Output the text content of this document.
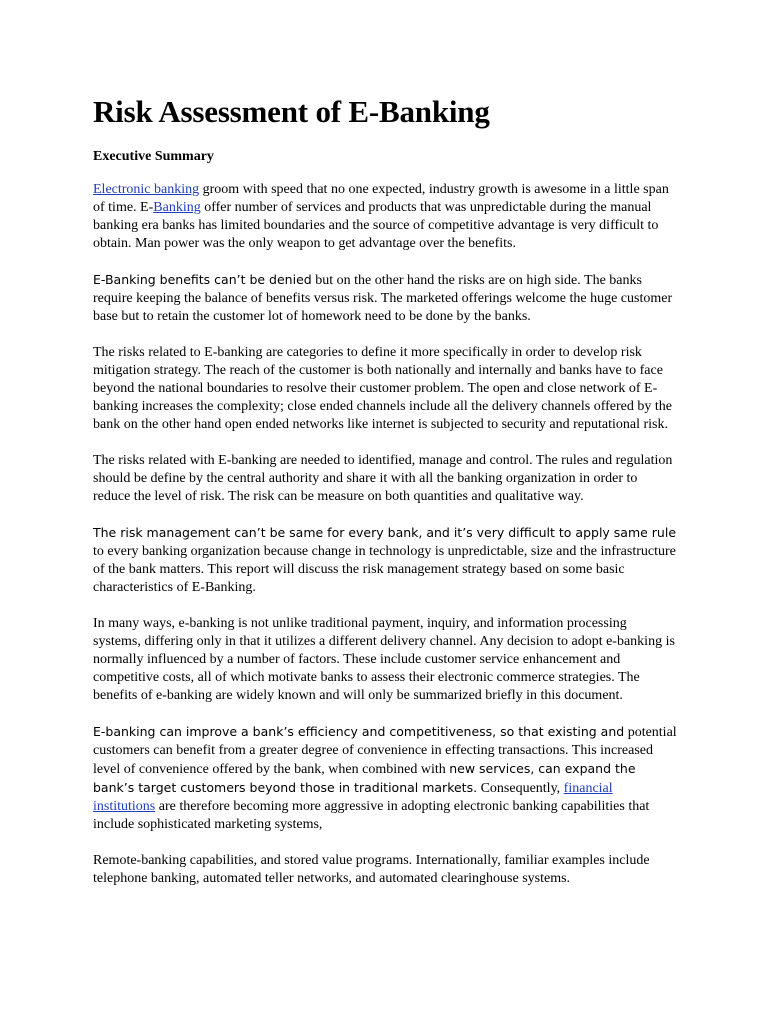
Risk Assessment of E-Banking
Executive Summary

Electronic banking groom with speed that no one expected, industry growth is awesome in a little span of time. E-Banking offer number of services and products that was unpredictable during the manual banking era banks has limited boundaries and the source of competitive advantage is very difficult to obtain. Man power was the only weapon to get advantage over the benefits.

E-Banking benefits can’t be denied but on the other hand the risks are on high side. The banks require keeping the balance of benefits versus risk. The marketed offerings welcome the huge customer base but to retain the customer lot of homework need to be done by the banks.

The risks related to E-banking are categories to define it more specifically in order to develop risk mitigation strategy. The reach of the customer is both nationally and internally and banks have to face beyond the national boundaries to resolve their customer problem. The open and close network of E-banking increases the complexity; close ended channels include all the delivery channels offered by the bank on the other hand open ended networks like internet is subjected to security and reputational risk.

The risks related with E-banking are needed to identified, manage and control. The rules and regulation should be define by the central authority and share it with all the banking organization in order to reduce the level of risk. The risk can be measure on both quantities and qualitative way.

The risk management can’t be same for every bank, and it’s very difficult to apply same rule to every banking organization because change in technology is unpredictable, size and the infrastructure of the bank matters. This report will discuss the risk management strategy based on some basic characteristics of E-Banking.

In many ways, e-banking is not unlike traditional payment, inquiry, and information processing systems, differing only in that it utilizes a different delivery channel. Any decision to adopt e-banking is normally influenced by a number of factors. These include customer service enhancement and competitive costs, all of which motivate banks to assess their electronic commerce strategies. The benefits of e-banking are widely known and will only be summarized briefly in this document.

E-banking can improve a bank’s efficiency and competitiveness, so that existing and potential customers can benefit from a greater degree of convenience in effecting transactions. This increased level of convenience offered by the bank, when combined with new services, can expand the bank’s target customers beyond those in traditional markets. Consequently, financial institutions are therefore becoming more aggressive in adopting electronic banking capabilities that include sophisticated marketing systems,

Remote-banking capabilities, and stored value programs. Internationally, familiar examples include telephone banking, automated teller networks, and automated clearinghouse systems.
